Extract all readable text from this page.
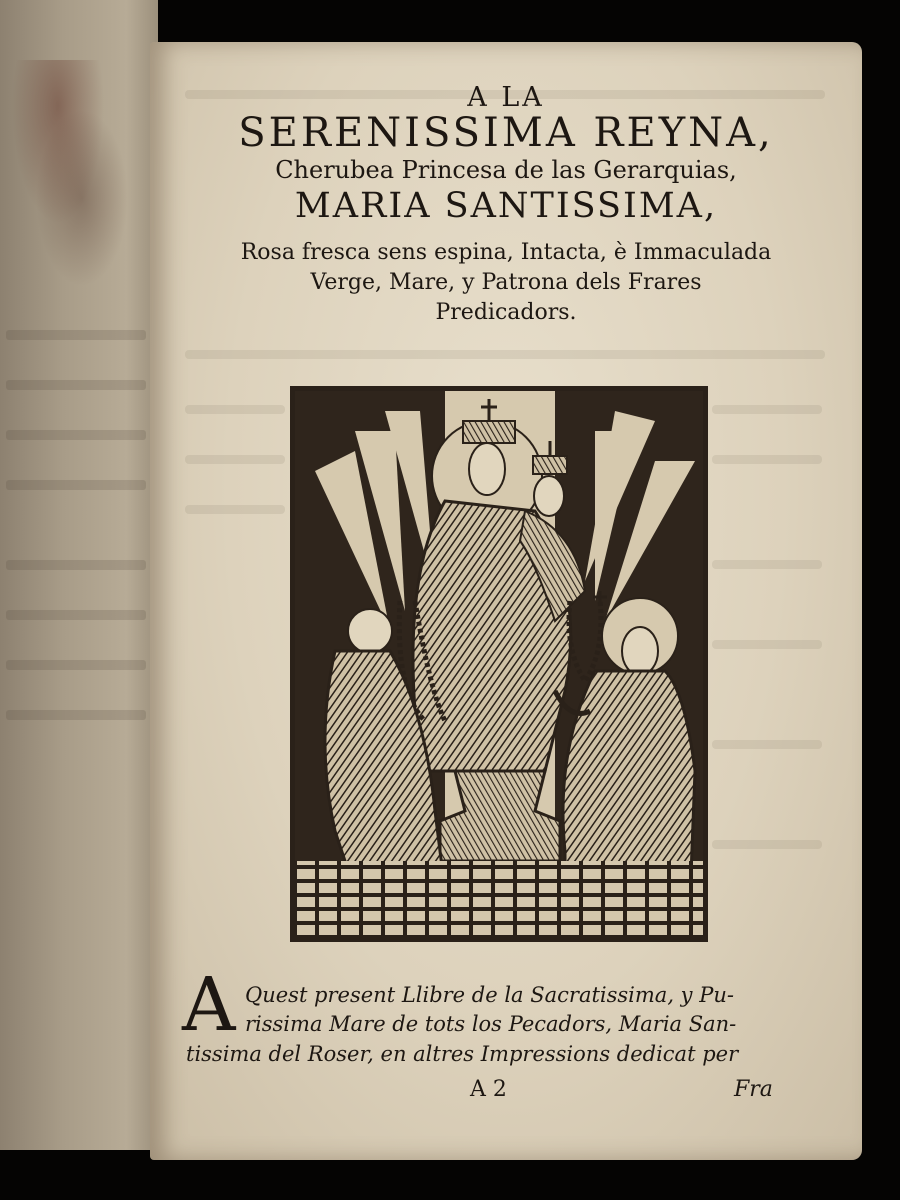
A LA
SERENISSIMA REYNA,
Cherubea Princesa de las Gerarquias,
MARIA SANTISSIMA,
Rosa fresca sens espina, Intacta, è Immaculada
Verge, Mare, y Patrona dels Frares
Predicadors.
A Quest present Llibre de la Sacratissima, y Pu-
rissima Mare de tots los Pecadors, Maria San-
tissima del Roser, en altres Impressions dedicat per
A 2	Fra
